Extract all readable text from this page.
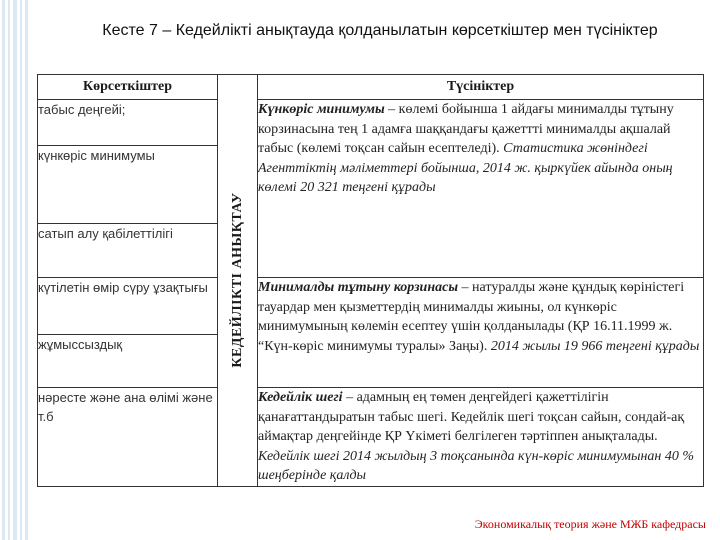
Кесте 7 – Кедейлікті анықтауда қолданылатын көрсеткіштер мен түсініктер
Көрсеткіштер	КЕДЕЙЛІКТІ АНЫҚТАУ	Түсініктер
табыс деңгейі;		Күнкөріс минимумы – көлемі бойынша 1 айдағы минималды тұтыну корзинасына тең 1 адамға шаққандағы қажеттті минималды ақшалай табыс (көлемі тоқсан сайын есептеледі). Статистика жөніндегі Агенттіктің мәліметтері бойынша, 2014 ж. қыркүйек айында оның көлемі 20 321 теңгені құрады
күнкөріс минимумы		
сатып алу қабілеттілігі		
күтілетін өмір сүру ұзақтығы		Минималды тұтыну корзинасы – натуралды және құндық көріністегі тауардар мен қызметтердің минималды жиыны, ол күнкөріс минимумының көлемін есептеу үшін қолданылады (ҚР 16.11.1999 ж. “Күн-көріс минимумы туралы» Заңы). 2014 жылы 19 966 теңгені құрады
жұмыссыздық		
нәресте және ана өлімі және т.б		Кедейлік шегі – адамның ең төмен деңгейдегі қажеттілігін қанағаттандыратын табыс шегі. Кедейлік шегі тоқсан сайын, сондай-ақ аймақтар деңгейінде ҚР Үкіметі белгілеген тәртіппен анықталады. Кедейлік шегі 2014 жылдың 3 тоқсанында күн-көріс минимумынан 40 % шеңберінде қалды
Экономикалық теория және МЖБ кафедрасы
